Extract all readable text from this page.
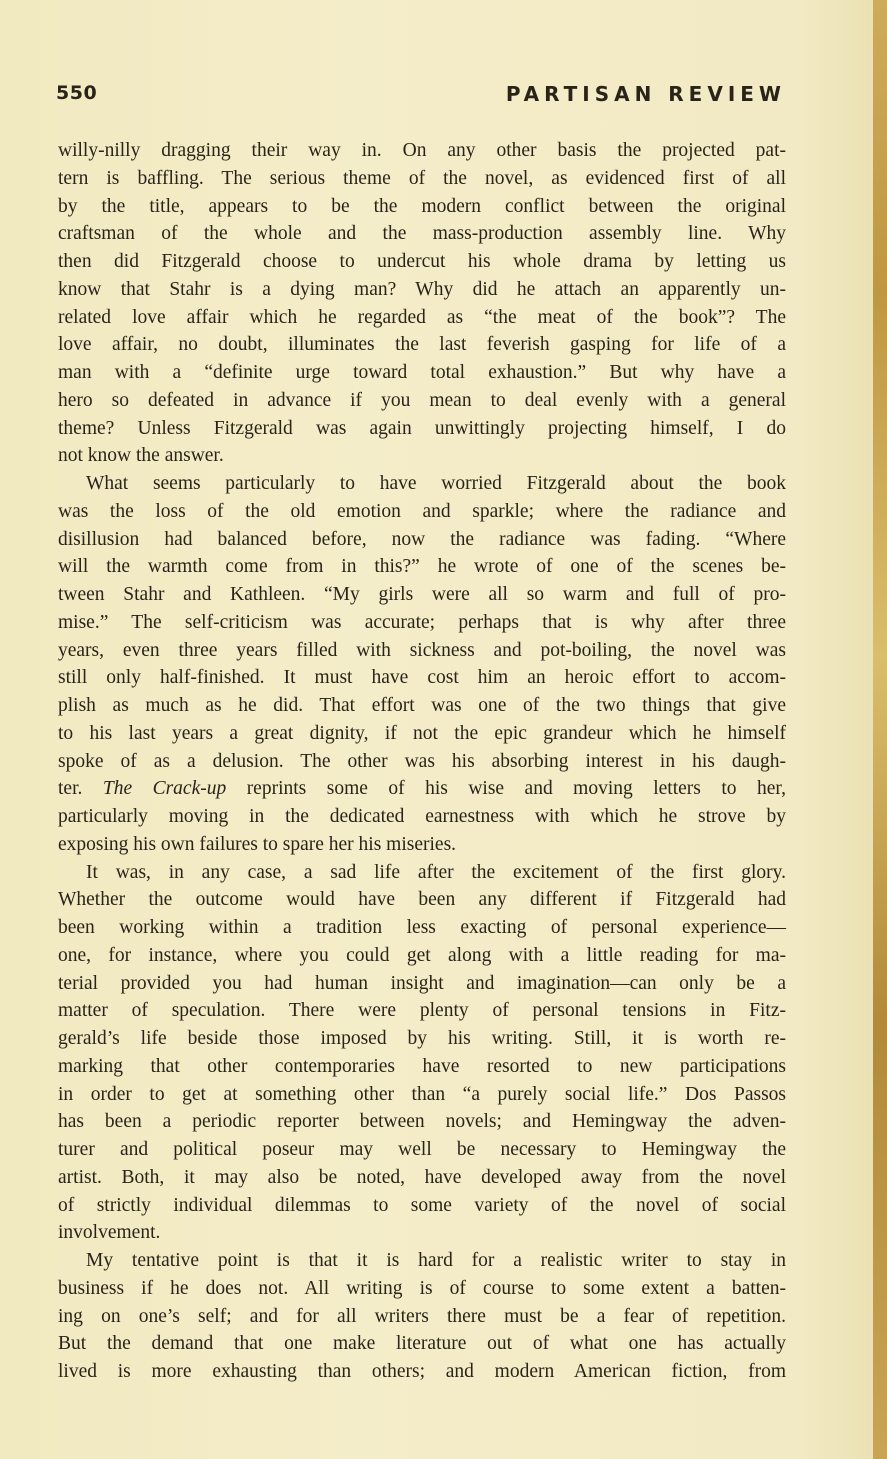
550	PARTISAN REVIEW
willy-nilly dragging their way in. On any other basis the projected pat-
tern is baffling. The serious theme of the novel, as evidenced first of all
by the title, appears to be the modern conflict between the original
craftsman of the whole and the mass-production assembly line. Why
then did Fitzgerald choose to undercut his whole drama by letting us
know that Stahr is a dying man? Why did he attach an apparently un-
related love affair which he regarded as “the meat of the book”? The
love affair, no doubt, illuminates the last feverish gasping for life of a
man with a “definite urge toward total exhaustion.” But why have a
hero so defeated in advance if you mean to deal evenly with a general
theme? Unless Fitzgerald was again unwittingly projecting himself, I do
not know the answer.
What seems particularly to have worried Fitzgerald about the book
was the loss of the old emotion and sparkle; where the radiance and
disillusion had balanced before, now the radiance was fading. “Where
will the warmth come from in this?” he wrote of one of the scenes be-
tween Stahr and Kathleen. “My girls were all so warm and full of pro-
mise.” The self-criticism was accurate; perhaps that is why after three
years, even three years filled with sickness and pot-boiling, the novel was
still only half-finished. It must have cost him an heroic effort to accom-
plish as much as he did. That effort was one of the two things that give
to his last years a great dignity, if not the epic grandeur which he himself
spoke of as a delusion. The other was his absorbing interest in his daugh-
ter. The Crack-up reprints some of his wise and moving letters to her,
particularly moving in the dedicated earnestness with which he strove by
exposing his own failures to spare her his miseries.
It was, in any case, a sad life after the excitement of the first glory.
Whether the outcome would have been any different if Fitzgerald had
been working within a tradition less exacting of personal experience—
one, for instance, where you could get along with a little reading for ma-
terial provided you had human insight and imagination—can only be a
matter of speculation. There were plenty of personal tensions in Fitz-
gerald’s life beside those imposed by his writing. Still, it is worth re-
marking that other contemporaries have resorted to new participations
in order to get at something other than “a purely social life.” Dos Passos
has been a periodic reporter between novels; and Hemingway the adven-
turer and political poseur may well be necessary to Hemingway the
artist. Both, it may also be noted, have developed away from the novel
of strictly individual dilemmas to some variety of the novel of social
involvement.
My tentative point is that it is hard for a realistic writer to stay in
business if he does not. All writing is of course to some extent a batten-
ing on one’s self; and for all writers there must be a fear of repetition.
But the demand that one make literature out of what one has actually
lived is more exhausting than others; and modern American fiction, from
